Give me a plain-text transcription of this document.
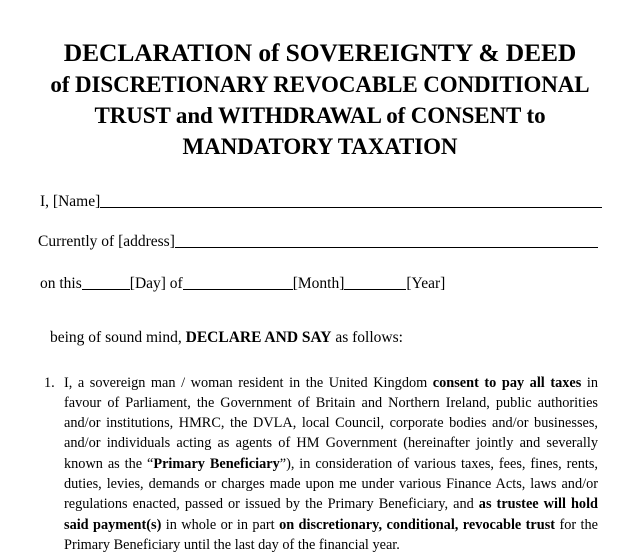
DECLARATION of SOVEREIGNTY & DEED
of DISCRETIONARY REVOCABLE CONDITIONAL
TRUST and WITHDRAWAL of CONSENT to
MANDATORY TAXATION
I, [Name]
Currently of [address]
on this	[Day] of	[Month]	[Year]
being of sound mind, DECLARE AND SAY as follows:
1. I, a sovereign man / woman resident in the United Kingdom consent to pay all taxes in favour of Parliament, the Government of Britain and Northern Ireland, public authorities and/or institutions, HMRC, the DVLA, local Council, corporate bodies and/or businesses, and/or individuals acting as agents of HM Government (hereinafter jointly and severally known as the “Primary Beneficiary”), in consideration of various taxes, fees, fines, rents, duties, levies, demands or charges made upon me under various Finance Acts, laws and/or regulations enacted, passed or issued by the Primary Beneficiary, and as trustee will hold said payment(s) in whole or in part on discretionary, conditional, revocable trust for the Primary Beneficiary until the last day of the financial year.
